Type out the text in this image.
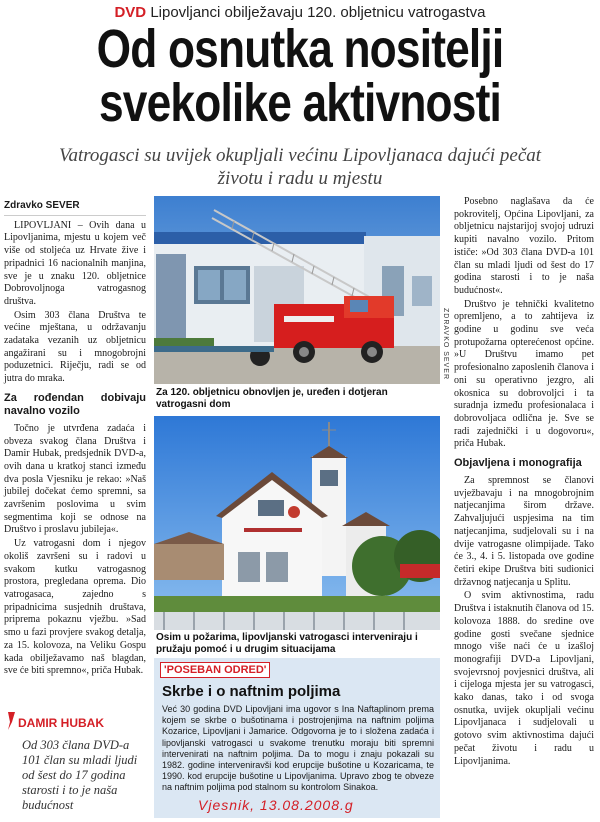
DVD Lipovljanci obilježavaju 120. obljetnicu vatrogastva
Od osnutka nositelji
svekolike aktivnosti
Vatrogasci su uvijek okupljali većinu Lipovljanaca dajući pečat
životu i radu u mjestu
Zdravko SEVER

LIPOVLJANI – Ovih dana u Lipovljanima, mjestu u kojem več više od stoljeća uz Hrvate žive i pripadnici 16 nacionalnih manjina, sve je u znaku 120. obljetnice Dobrovoljnoga vatrogasnog društva.

Osim 303 člana Društva te većine mještana, u održavanju zadataka vezanih uz obljetnicu angažirani su i mnogobrojni poduzetnici. Riječju, radi se od jutra do mraka.

Za rođendan dobivaju navalno vozilo

Točno je utvrđena zadaća i obveza svakog člana Društva i Damir Hubak, predsjednik DVD-a, ovih dana u kratkoj stanci između dva posla Vjesniku je rekao: »Naš jubilej dočekat ćemo spremni, sa završenim poslovima u svim segmentima koji se odnose na Društvo i proslavu jubileja«.

Uz vatrogasni dom i njegov okoliš završeni su i radovi u svakom kutku vatrogasnog prostora, pregledana oprema. Dio vatrogasaca, zajedno s pripadnicima susjednih društava, pripremа pokaznu vježbu. »Sad smo u fazi provjere svakog detalja, za 15. kolovoza, na Veliku Gospu kada obilježavamo naš blagdan, sve će biti spremno«, priča Hubak.

DAMIR HUBAK
Od 303 člana DVD-a 101 član su mladi ljudi od šest do 17 godina starosti i to je naša budućnost
ZDRAVKO SEVER
Za 120. obljetnicu obnovljen je, uređen i dotjeran vatrogasni dom
Osim u požarima, lipovljanski vatrogasci interveniraju i pružaju pomoć i u drugim situacijama
'POSEBAN ODRED'
Skrbe i o naftnim poljima
Već 30 godina DVD Lipovljani ima ugovor s Ina Naftaplinom prema kojem se skrbe o bušotinama i postrojenjima na naftnim poljima Kozarice, Lipovljani i Jamarice. Odgovorna je to i složena zadaća i lipovljanski vatrogasci u svakome trenutku moraju biti spremni intervenirati na naftnim poljima. Da to mogu i znaju pokazali su 1982. godine interveniravši kod erupcije bušotine u Kozaricama, te 1990. kod erupcije bušotine u Lipovljanima. Upravo zbog te obveze na naftnim poljima pod stalnom su kontrolom Sinakoa.
Vjesnik, 13.08.2008.g

Posebno naglašava da će pokrovitelj, Općina Lipovljani, za obljetnicu najstarijoj svojoj udruzi kupiti navalno vozilo. Pritom ističe: »Od 303 člana DVD-a 101 član su mladi ljudi od šest do 17 godina starosti i to je naša budućnost«.

Društvo je tehnički kvalitetno opremljeno, a to zahtijeva iz godine u godinu sve veća protupožarna opterećenost općine. »U Društvu imamo pet profesionalno zaposlenih članova i oni su operativno jezgro, ali okosnica su dobrovoljci i ta suradnja između profesionalaca i dobrovoljaca odlična je. Sve se radi zajednički i u dogovoru«, priča Hubak.

Objavljena i monografija

Za spremnost se članovi uvježbavaju i na mnogobrojnim natjecanjima širom države. Zahvaljujući uspjesima na tim natjecanjima, sudjelovali su i na dvije vatrogasne olimpijade. Tako će 3., 4. i 5. listopada ove godine četiri ekipe Društva biti sudionici državnog natjecanja u Splitu.

O svim aktivnostima, radu Društva i istaknutih članova od 15. kolovoza 1888. do sredine ove godine gosti svečane sjednice mnogo više naći će u izašloj monografiji DVD-a Lipovljani, svojevrsnoj povjesnici društva, ali i cijeloga mjesta jer su vatrogasci, kako danas, tako i od svoga osnutka, uvijek okupljali većinu Lipovljanaca i sudjelovali u gotovo svim aktivnostima dajući pečat životu i radu u Lipovljanima.
